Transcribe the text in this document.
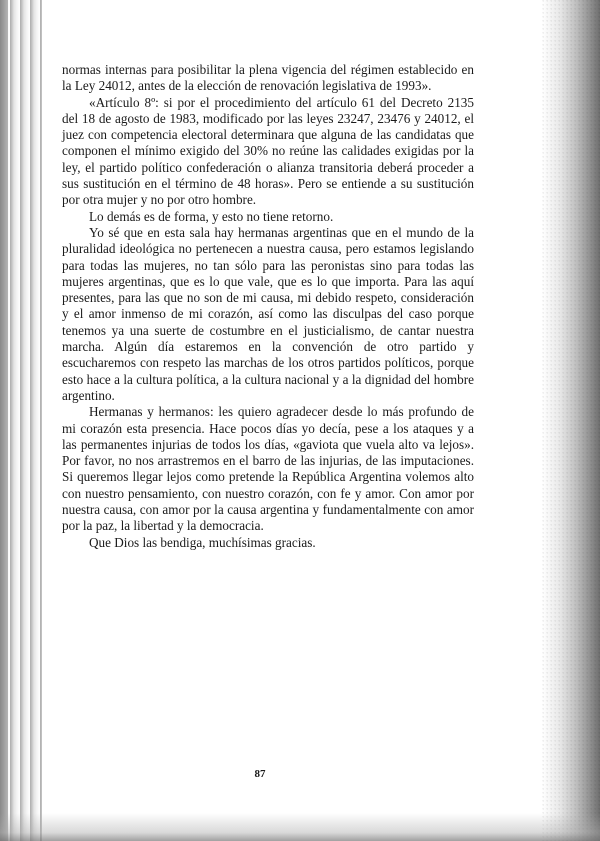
normas internas para posibilitar la plena vigencia del régimen establecido en la Ley 24012, antes de la elección de renovación legislativa de 1993».

«Artículo 8º: si por el procedimiento del artículo 61 del Decreto 2135 del 18 de agosto de 1983, modificado por las leyes 23247, 23476 y 24012, el juez con competencia electoral determinara que alguna de las candidatas que componen el mínimo exigido del 30% no reúne las calidades exigidas por la ley, el partido político confederación o alianza transitoria deberá proceder a sus sustitución en el término de 48 horas». Pero se entiende a su sustitución por otra mujer y no por otro hombre.

Lo demás es de forma, y esto no tiene retorno.

Yo sé que en esta sala hay hermanas argentinas que en el mundo de la pluralidad ideológica no pertenecen a nuestra causa, pero estamos legislando para todas las mujeres, no tan sólo para las peronistas sino para todas las mujeres argentinas, que es lo que vale, que es lo que importa. Para las aquí presentes, para las que no son de mi causa, mi debido respeto, consideración y el amor inmenso de mi corazón, así como las disculpas del caso porque tenemos ya una suerte de costumbre en el justicialismo, de cantar nuestra marcha. Algún día estaremos en la convención de otro partido y escucharemos con respeto las marchas de los otros partidos políticos, porque esto hace a la cultura política, a la cultura nacional y a la dignidad del hombre argentino.

Hermanas y hermanos: les quiero agradecer desde lo más profundo de mi corazón esta presencia. Hace pocos días yo decía, pese a los ataques y a las permanentes injurias de todos los días, «gaviota que vuela alto va lejos». Por favor, no nos arrastremos en el barro de las injurias, de las imputaciones. Si queremos llegar lejos como pretende la República Argentina volemos alto con nuestro pensamiento, con nuestro corazón, con fe y amor. Con amor por nuestra causa, con amor por la causa argentina y fundamentalmente con amor por la paz, la libertad y la democracia.

Que Dios las bendiga, muchísimas gracias.

87
